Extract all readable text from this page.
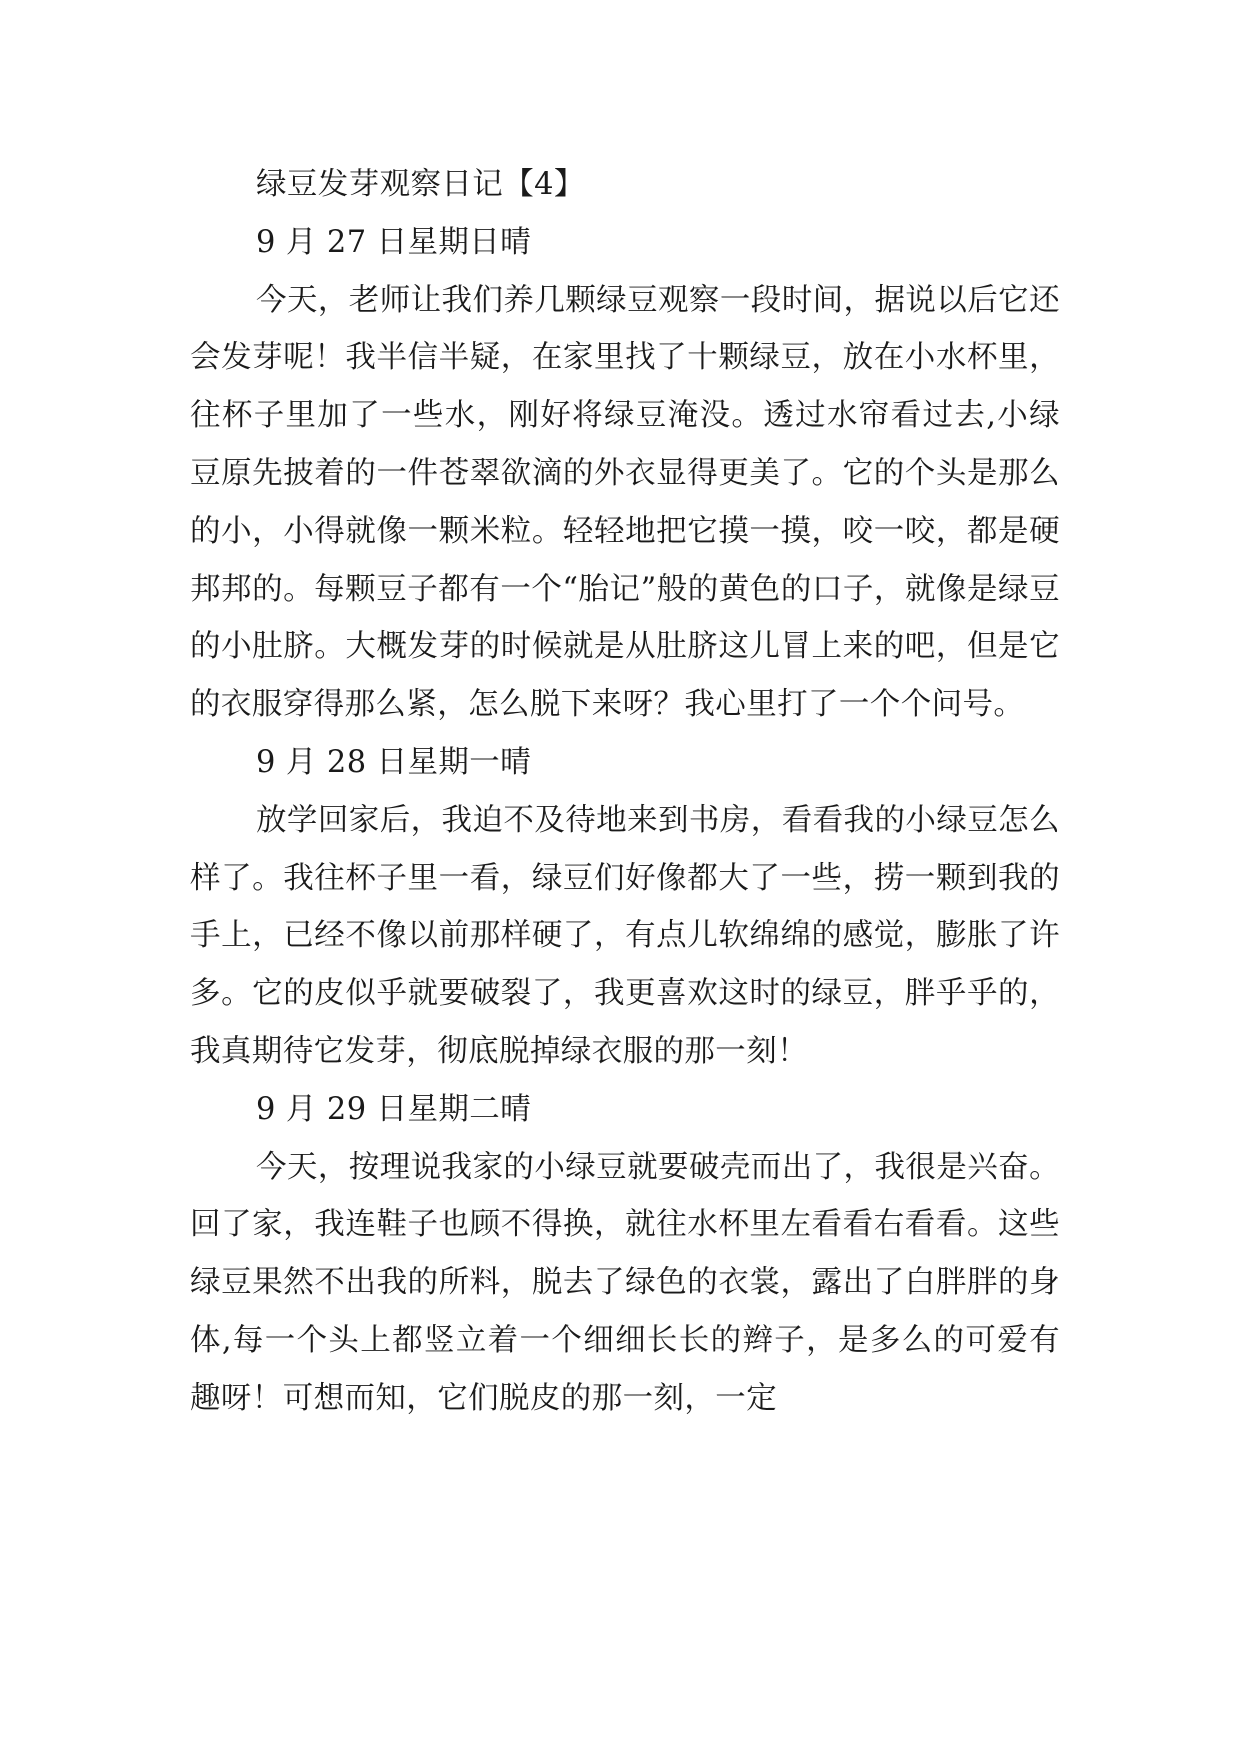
绿豆发芽观察日记【4】

9 月 27 日星期日晴

今天，老师让我们养几颗绿豆观察一段时间，据说以后它还会发芽呢！我半信半疑，在家里找了十颗绿豆，放在小水杯里，往杯子里加了一些水，刚好将绿豆淹没。透过水帘看过去,小绿豆原先披着的一件苍翠欲滴的外衣显得更美了。它的个头是那么的小，小得就像一颗米粒。轻轻地把它摸一摸，咬一咬，都是硬邦邦的。每颗豆子都有一个“胎记”般的黄色的口子，就像是绿豆的小肚脐。大概发芽的时候就是从肚脐这儿冒上来的吧，但是它的衣服穿得那么紧，怎么脱下来呀？我心里打了一个个问号。

9 月 28 日星期一晴

放学回家后，我迫不及待地来到书房，看看我的小绿豆怎么样了。我往杯子里一看，绿豆们好像都大了一些，捞一颗到我的手上，已经不像以前那样硬了，有点儿软绵绵的感觉，膨胀了许多。它的皮似乎就要破裂了，我更喜欢这时的绿豆，胖乎乎的，我真期待它发芽，彻底脱掉绿衣服的那一刻！

9 月 29 日星期二晴

今天，按理说我家的小绿豆就要破壳而出了，我很是兴奋。回了家，我连鞋子也顾不得换，就往水杯里左看看右看看。这些绿豆果然不出我的所料，脱去了绿色的衣裳，露出了白胖胖的身体,每一个头上都竖立着一个细细长长的辫子，是多么的可爱有趣呀！可想而知，它们脱皮的那一刻，一定
